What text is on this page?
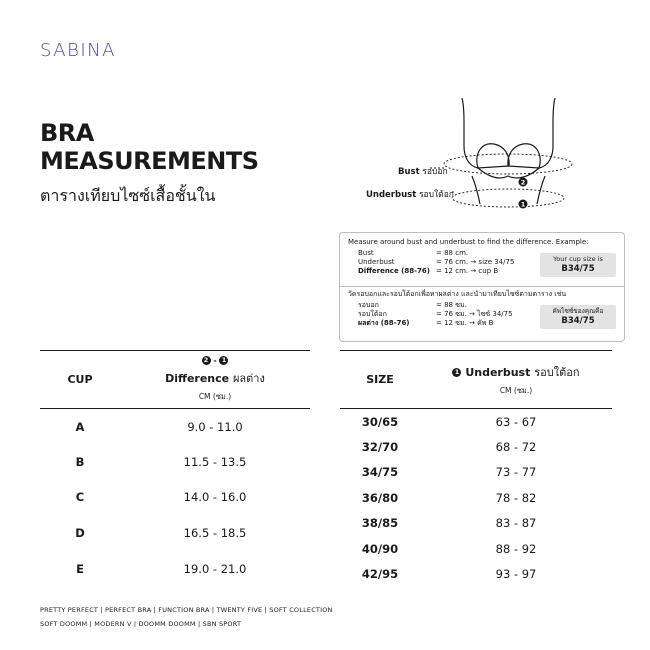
SABINA
BRA
MEASUREMENTS
ตารางเทียบไซซ์เสื้อชั้นใน
2
1
Bust รอบอก
Underbust รอบใต้อก
Measure around bust and underbust to find the difference. Example:
Bust	= 88 cm.
Underbust	= 76 cm. → size 34/75
Difference (88-76) = 12 cm. → cup B
Your cup size is
B34/75
วัดรอบอกและรอบใต้อกเพื่อหาผลต่าง และนำมาเทียบไซซ์ตามตาราง เช่น
รอบอก	= 88 ซม.
รอบใต้อก	= 76 ซม. → ไซซ์ 34/75
ผลต่าง (88-76)	= 12 ซม. → คัพ B
คัพไซซ์ของคุณคือ
B34/75
CUP	2 - 1
Difference ผลต่าง
CM (ซม.)

A	9.0 - 11.0
B	11.5 - 13.5
C	14.0 - 16.0
D	16.5 - 18.5
E	19.0 - 21.0
SIZE	1 Underbust รอบใต้อก
CM (ซม.)

30/65	63 - 67
32/70	68 - 72
34/75	73 - 77
36/80	78 - 82
38/85	83 - 87
40/90	88 - 92
42/95	93 - 97
PRETTY PERFECT | PERFECT BRA | FUNCTION BRA | TWENTY FIVE | SOFT COLLECTION
SOFT DOOMM | MODERN V | DOOMM DOOMM | SBN SPORT
